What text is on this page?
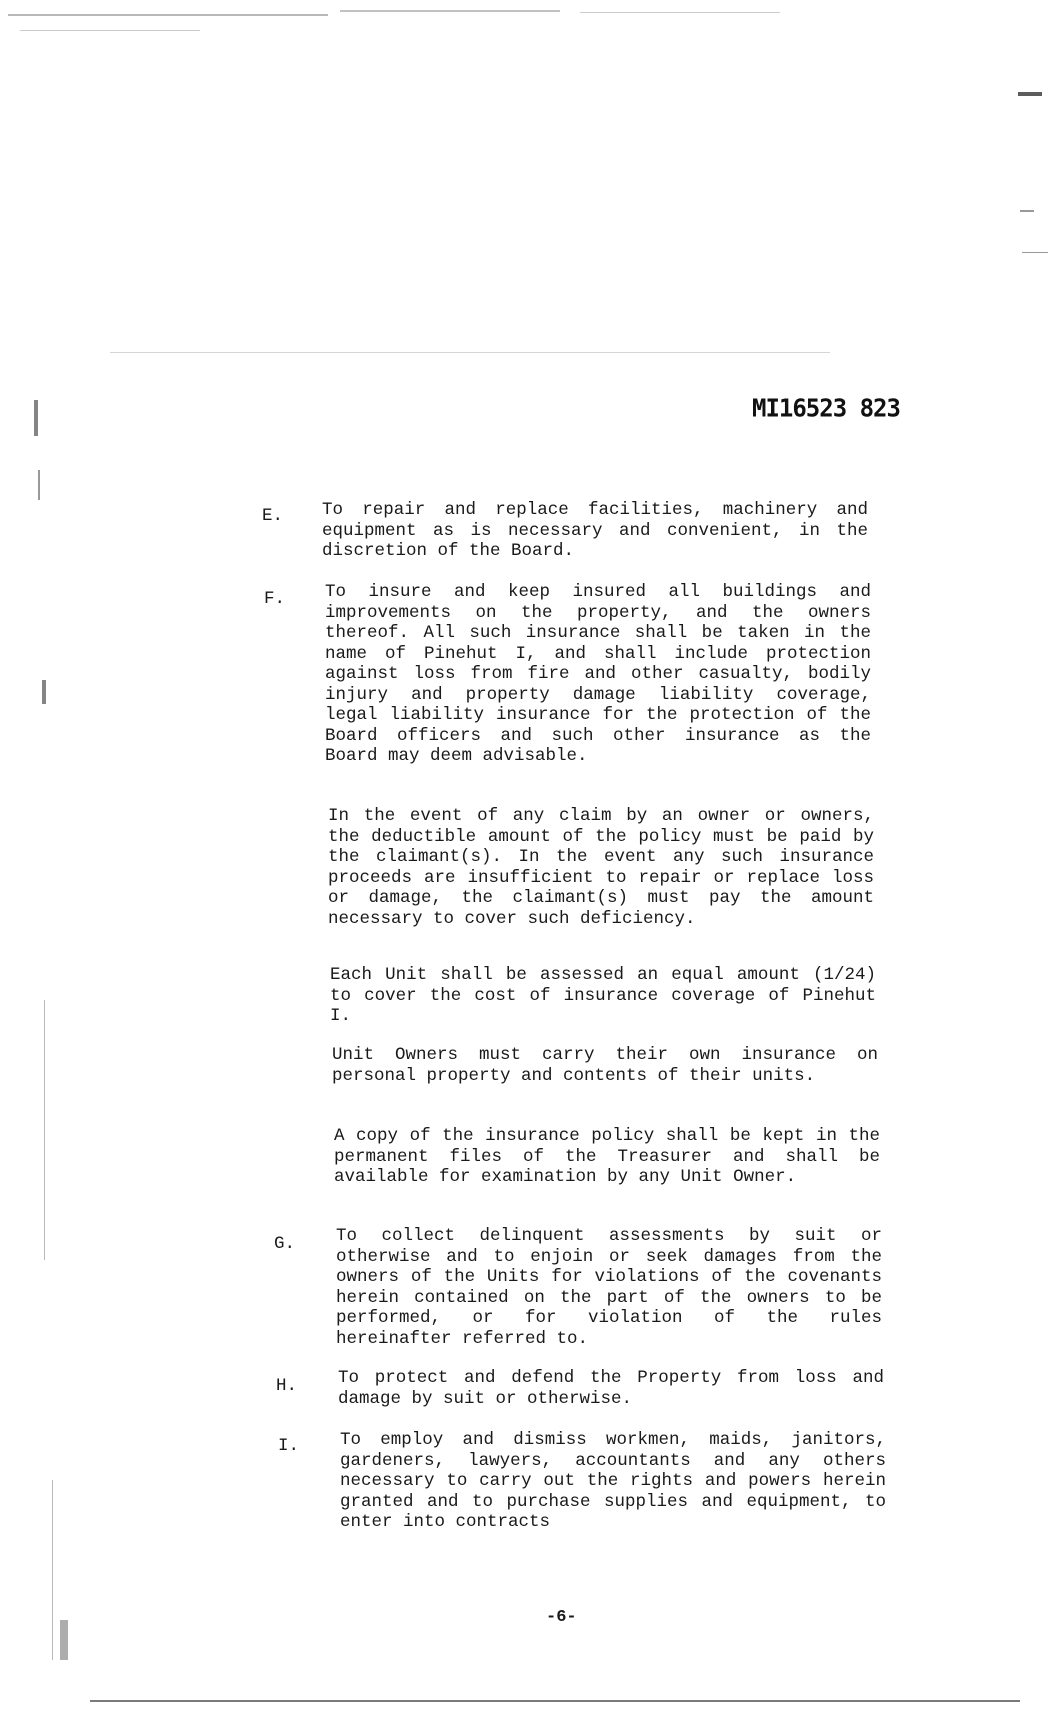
MI16523 823
E. To repair and replace facilities, machinery and equipment as is necessary and convenient, in the discretion of the Board.
F. To insure and keep insured all buildings and improvements on the property, and the owners thereof. All such insurance shall be taken in the name of Pinehut I, and shall include protection against loss from fire and other casualty, bodily injury and property damage liability coverage, legal liability insurance for the protection of the Board officers and such other insurance as the Board may deem advisable.
In the event of any claim by an owner or owners, the deductible amount of the policy must be paid by the claimant(s). In the event any such insurance proceeds are insufficient to repair or replace loss or damage, the claimant(s) must pay the amount necessary to cover such deficiency.
Each Unit shall be assessed an equal amount (1/24) to cover the cost of insurance coverage of Pinehut I.
Unit Owners must carry their own insurance on personal property and contents of their units.
A copy of the insurance policy shall be kept in the permanent files of the Treasurer and shall be available for examination by any Unit Owner.
G. To collect delinquent assessments by suit or otherwise and to enjoin or seek damages from the owners of the Units for violations of the covenants herein contained on the part of the owners to be performed, or for violation of the rules hereinafter referred to.
H. To protect and defend the Property from loss and damage by suit or otherwise.
I. To employ and dismiss workmen, maids, janitors, gardeners, lawyers, accountants and any others necessary to carry out the rights and powers herein granted and to purchase supplies and equipment, to enter into contracts
-6-
